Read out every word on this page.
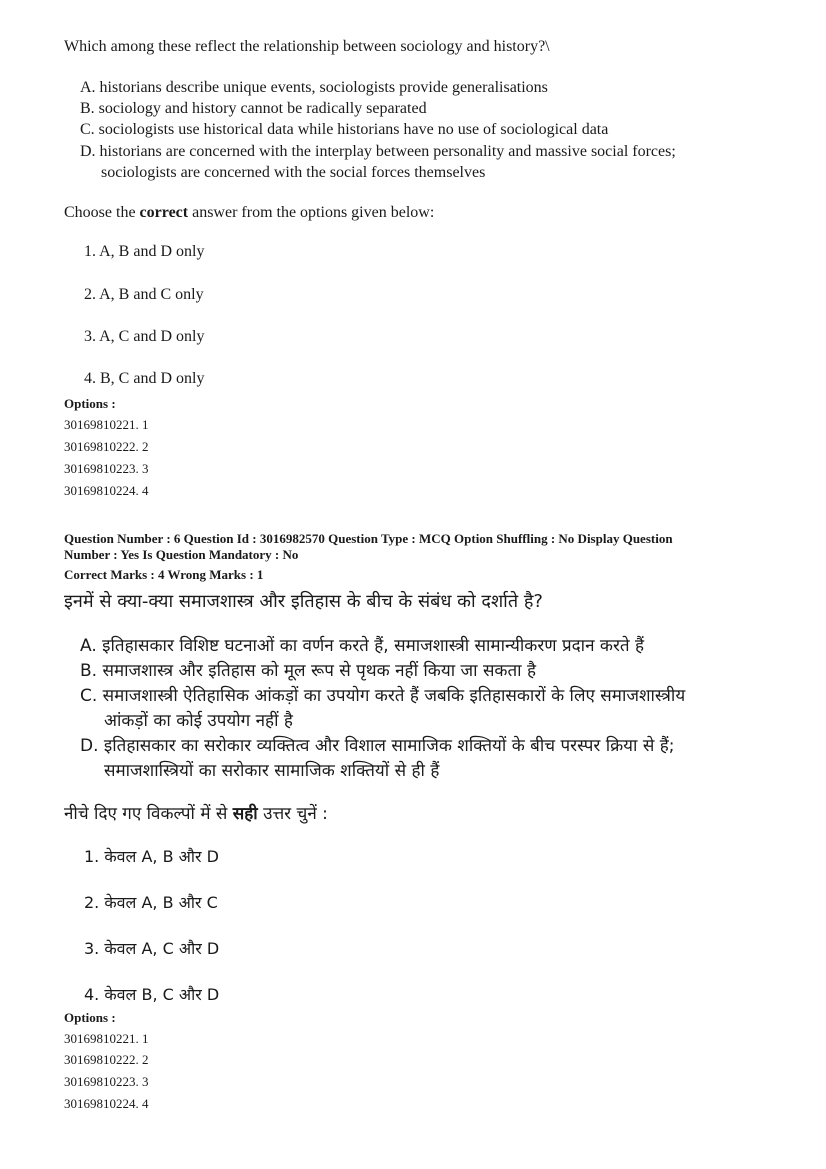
Which among these reflect the relationship between sociology and history?\
A. historians describe unique events, sociologists provide generalisations
B. sociology and history cannot be radically separated
C. sociologists use historical data while historians have no use of sociological data
D. historians are concerned with the interplay between personality and massive social forces;
sociologists are concerned with the social forces themselves
Choose the correct answer from the options given below:
1. A, B and D only
2. A, B and C only
3. A, C and D only
4. B, C and D only
Options :
30169810221. 1
30169810222. 2
30169810223. 3
30169810224. 4
Question Number : 6 Question Id : 3016982570 Question Type : MCQ Option Shuffling : No Display Question
Number : Yes Is Question Mandatory : No
Correct Marks : 4 Wrong Marks : 1
इनमें से क्या-क्या समाजशास्त्र और इतिहास के बीच के संबंध को दर्शाते है?
A. इतिहासकार विशिष्ट घटनाओं का वर्णन करते हैं, समाजशास्त्री सामान्यीकरण प्रदान करते हैं
B. समाजशास्त्र और इतिहास को मूल रूप से पृथक नहीं किया जा सकता है
C. समाजशास्त्री ऐतिहासिक आंकड़ों का उपयोग करते हैं जबकि इतिहासकारों के लिए समाजशास्त्रीय
आंकड़ों का कोई उपयोग नहीं है
D. इतिहासकार का सरोकार व्यक्तित्व और विशाल सामाजिक शक्तियों के बीच परस्पर क्रिया से हैं;
समाजशास्त्रियों का सरोकार सामाजिक शक्तियों से ही हैं
नीचे दिए गए विकल्पों में से सही उत्तर चुनें :
1. केवल A, B और D
2. केवल A, B और C
3. केवल A, C और D
4. केवल B, C और D
Options :
30169810221. 1
30169810222. 2
30169810223. 3
30169810224. 4
